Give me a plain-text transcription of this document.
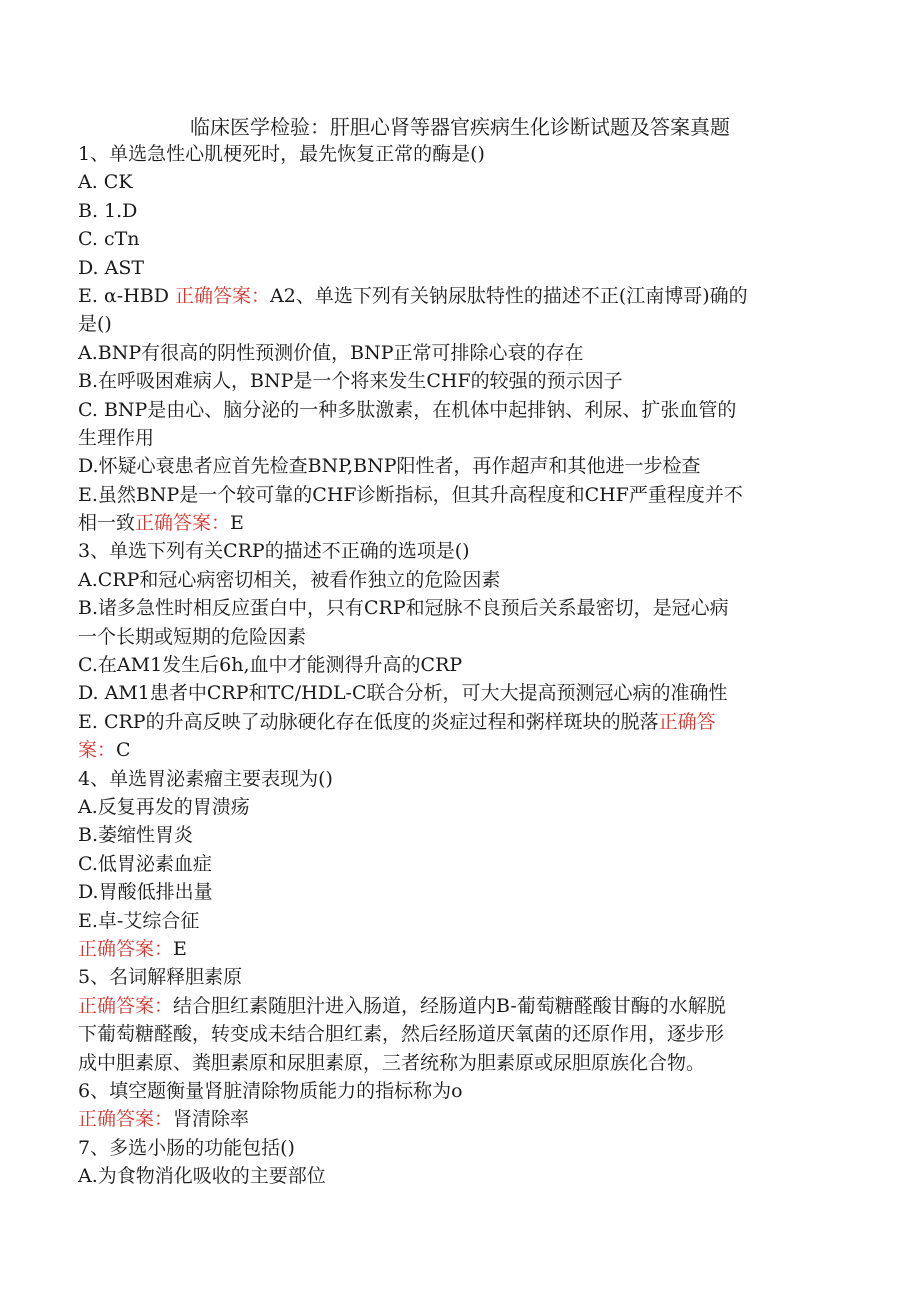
临床医学检验：肝胆心肾等器官疾病生化诊断试题及答案真题
1、单选急性心肌梗死时，最先恢复正常的酶是()
A. CK
B. 1.D
C. cTn
D. AST
E. α-HBD 正确答案：A2、单选下列有关钠尿肽特性的描述不正(江南博哥)确的
是()
A.BNP有很高的阴性预测价值，BNP正常可排除心衰的存在
B.在呼吸困难病人，BNP是一个将来发生CHF的较强的预示因子
C. BNP是由心、脑分泌的一种多肽激素，在机体中起排钠、利尿、扩张血管的
生理作用
D.怀疑心衰患者应首先检查BNP,BNP阳性者，再作超声和其他进一步检查
E.虽然BNP是一个较可靠的CHF诊断指标，但其升高程度和CHF严重程度并不
相一致正确答案：E
3、单选下列有关CRP的描述不正确的选项是()
A.CRP和冠心病密切相关，被看作独立的危险因素
B.诸多急性时相反应蛋白中，只有CRP和冠脉不良预后关系最密切，是冠心病
一个长期或短期的危险因素
C.在AM1发生后6h,血中才能测得升高的CRP
D. AM1患者中CRP和TC/HDL-C联合分析，可大大提高预测冠心病的准确性
E. CRP的升高反映了动脉硬化存在低度的炎症过程和粥样斑块的脱落正确答
案：C
4、单选胃泌素瘤主要表现为()
A.反复再发的胃溃疡
B.萎缩性胃炎
C.低胃泌素血症
D.胃酸低排出量
E.卓-艾综合征
正确答案：E
5、名词解释胆素原
正确答案：结合胆红素随胆汁进入肠道，经肠道内B-葡萄糖醛酸甘酶的水解脱
下葡萄糖醛酸，转变成未结合胆红素，然后经肠道厌氧菌的还原作用，逐步形
成中胆素原、粪胆素原和尿胆素原，三者统称为胆素原或尿胆原族化合物。
6、填空题衡量肾脏清除物质能力的指标称为o
正确答案：肾清除率
7、多选小肠的功能包括()
A.为食物消化吸收的主要部位
